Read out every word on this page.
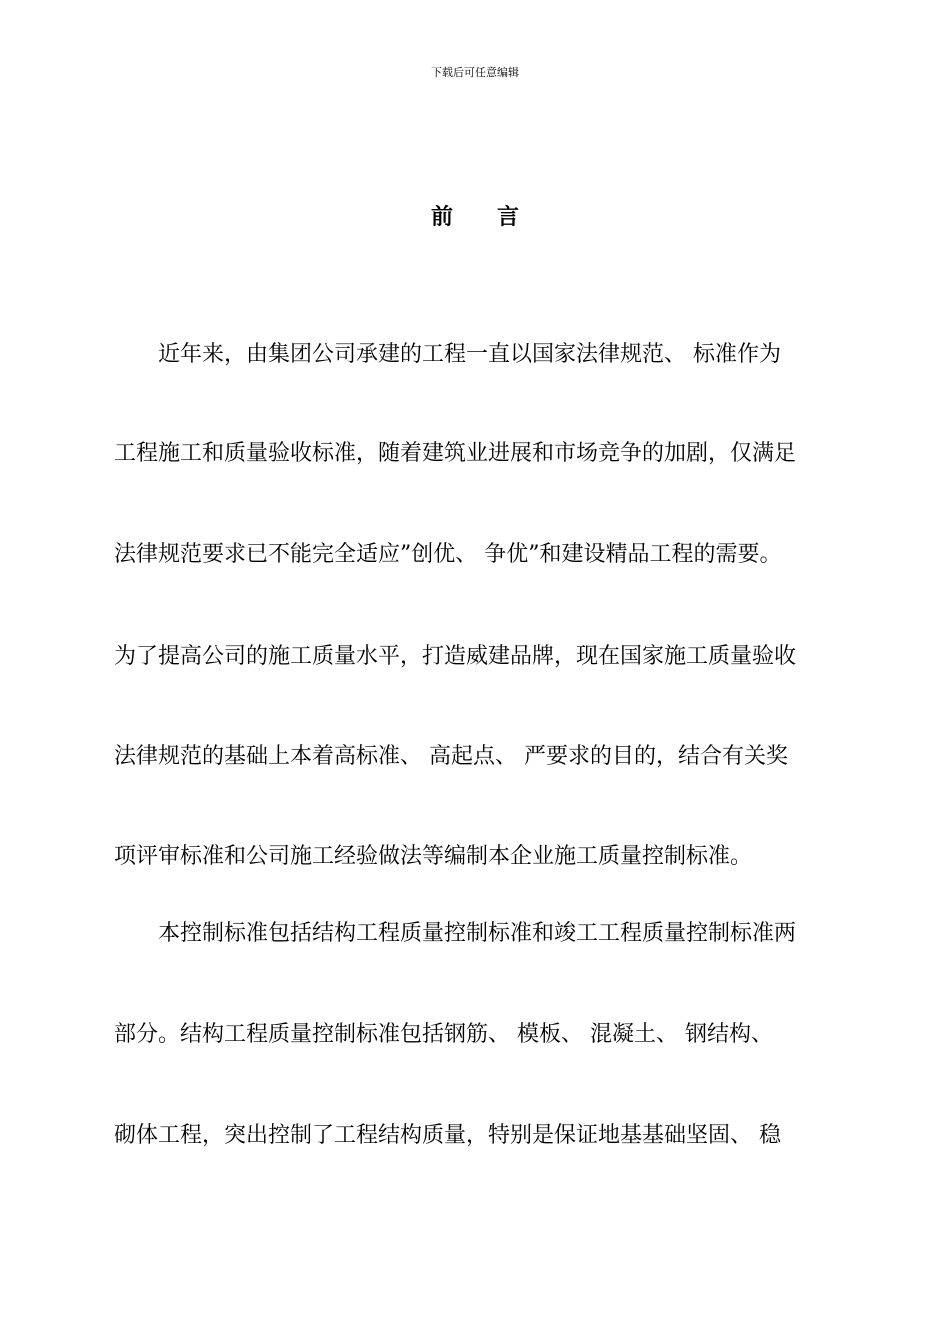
下载后可任意编辑
前 言
近年来，由集团公司承建的工程一直以国家法律规范、 标准作为
工程施工和质量验收标准，随着建筑业进展和市场竞争的加剧，仅满足
法律规范要求已不能完全适应”创优、 争优”和建设精品工程的需要。
为了提高公司的施工质量水平，打造威建品牌，现在国家施工质量验收
法律规范的基础上本着高标准、 高起点、 严要求的目的，结合有关奖
项评审标准和公司施工经验做法等编制本企业施工质量控制标准。
本控制标准包括结构工程质量控制标准和竣工工程质量控制标准两
部分。结构工程质量控制标准包括钢筋、 模板、 混凝土、 钢结构、
砌体工程，突出控制了工程结构质量，特别是保证地基基础坚固、 稳
